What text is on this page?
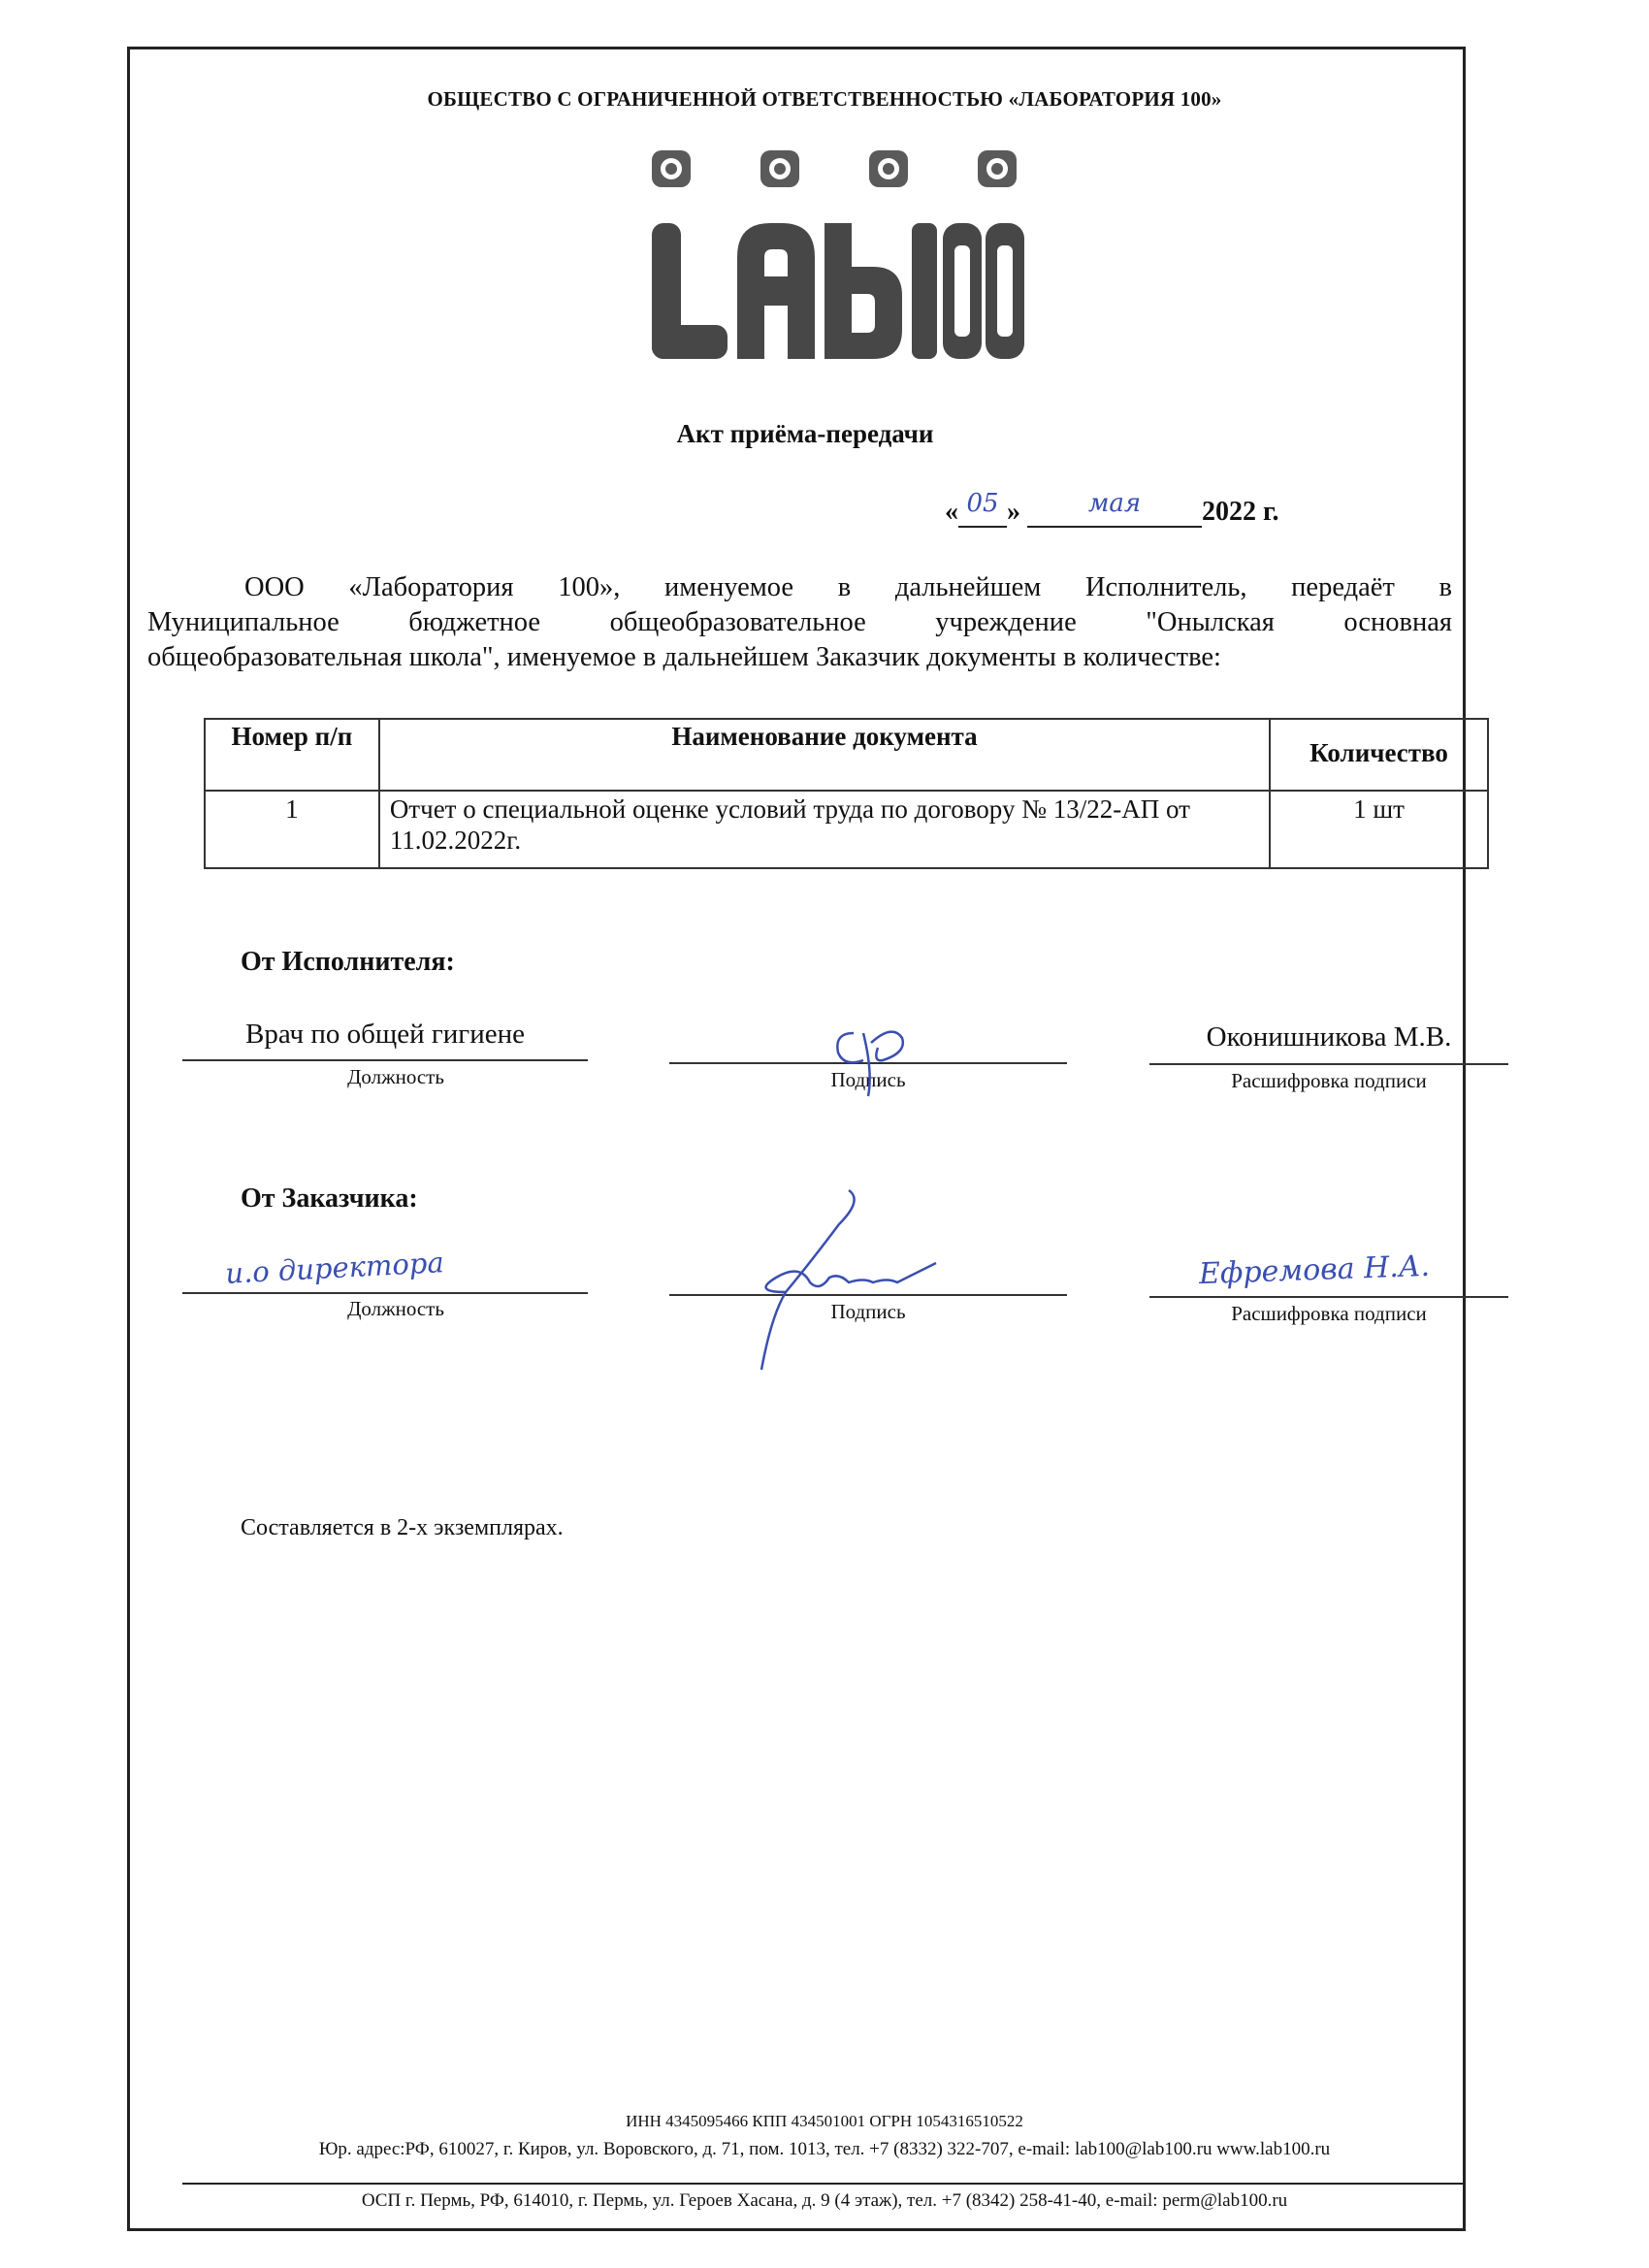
ОБЩЕСТВО С ОГРАНИЧЕННОЙ ОТВЕТСТВЕННОСТЬЮ «ЛАБОРАТОРИЯ 100»
Акт приёма-передачи
« 05 »	мая	2022 г.

ООО «Лаборатория 100», именуемое в дальнейшем Исполнитель, передаёт в

Муниципальное бюджетное общеобразовательное учреждение "Онылская основная

общеобразовательная школа", именуемое в дальнейшем Заказчик документы в количестве:

Номер п/п	Наименование документа	Количество
1	Отчет о специальной оценке условий труда по договору № 13/22-АП от 11.02.2022г.	1 шт
От Исполнителя:
Врач по общей гигиене
Должность	Подпись
Оконишникова М.В.
Расшифровка подписи
От Заказчика:
и.о директора
Должность	Подпись
Ефремова Н.А.
Расшифровка подписи
Составляется в 2-х экземплярах.
ИНН 4345095466 КПП 434501001 ОГРН 1054316510522
Юр. адрес:РФ, 610027, г. Киров, ул. Воровского, д. 71, пом. 1013, тел. +7 (8332) 322-707, e-mail: lab100@lab100.ru www.lab100.ru
ОСП г. Пермь, РФ, 614010, г. Пермь, ул. Героев Хасана, д. 9 (4 этаж), тел. +7 (8342) 258-41-40, e-mail: perm@lab100.ru
